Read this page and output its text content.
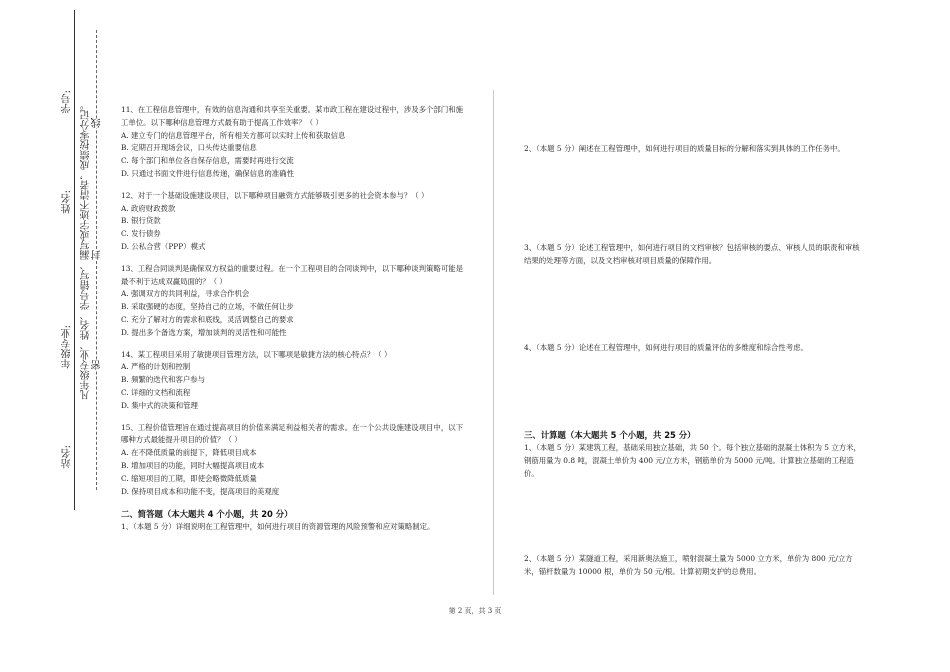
学号:
姓名:
年级专业:
站名:
凡年级专业、姓名、学号错写、漏写或字迹不清者，成绩按零分记。 密
封
线

11、在工程信息管理中，有效的信息沟通和共享至关重要。某市政工程在建设过程中，涉及多个部门和施工单位。以下哪种信息管理方式最有助于提高工作效率？（ ）

A. 建立专门的信息管理平台，所有相关方都可以实时上传和获取信息

B. 定期召开现场会议，口头传达重要信息

C. 每个部门和单位各自保存信息，需要时再进行交流

D. 只通过书面文件进行信息传递，确保信息的准确性

12、对于一个基础设施建设项目，以下哪种项目融资方式能够吸引更多的社会资本参与？（ ）

A. 政府财政拨款

B. 银行贷款

C. 发行债券

D. 公私合营（PPP）模式

13、工程合同谈判是确保双方权益的重要过程。在一个工程项目的合同谈判中，以下哪种谈判策略可能是最不利于达成双赢局面的？（ ）

A. 强调双方的共同利益，寻求合作机会

B. 采取强硬的态度，坚持自己的立场，不做任何让步

C. 充分了解对方的需求和底线，灵活调整自己的要求

D. 提出多个备选方案，增加谈判的灵活性和可能性

14、某工程项目采用了敏捷项目管理方法，以下哪项是敏捷方法的核心特点？（ ）

A. 严格的计划和控制

B. 频繁的迭代和客户参与

C. 详细的文档和流程

D. 集中式的决策和管理

15、工程价值管理旨在通过提高项目的价值来满足利益相关者的需求。在一个公共设施建设项目中，以下哪种方式最能提升项目的价值？（ ）

A. 在不降低质量的前提下，降低项目成本

B. 增加项目的功能，同时大幅提高项目成本

C. 缩短项目的工期，即使会略微降低质量

D. 保持项目成本和功能不变，提高项目的美观度

二、简答题（本大题共 4 个小题，共 20 分）

1、（本题 5 分）详细说明在工程管理中，如何进行项目的资源管理的风险预警和应对策略制定。

2、（本题 5 分）阐述在工程管理中，如何进行项目的质量目标的分解和落实到具体的工作任务中。
3、（本题 5 分）论述工程管理中，如何进行项目的文档审核？包括审核的要点、审核人员的职责和审核结果的处理等方面，以及文档审核对项目质量的保障作用。
4、（本题 5 分）论述在工程管理中，如何进行项目的质量评估的多维度和综合性考虑。
三、计算题（本大题共 5 个小题，共 25 分）
1、（本题 5 分）某建筑工程，基础采用独立基础，共 50 个。每个独立基础的混凝土体积为 5 立方米，钢筋用量为 0.8 吨，混凝土单价为 400 元/立方米，钢筋单价为 5000 元/吨。计算独立基础的工程造价。
2、（本题 5 分）某隧道工程，采用新奥法施工，喷射混凝土量为 5000 立方米，单价为 800 元/立方米，锚杆数量为 10000 根，单价为 50 元/根。计算初期支护的总费用。
第 2 页，共 3 页
